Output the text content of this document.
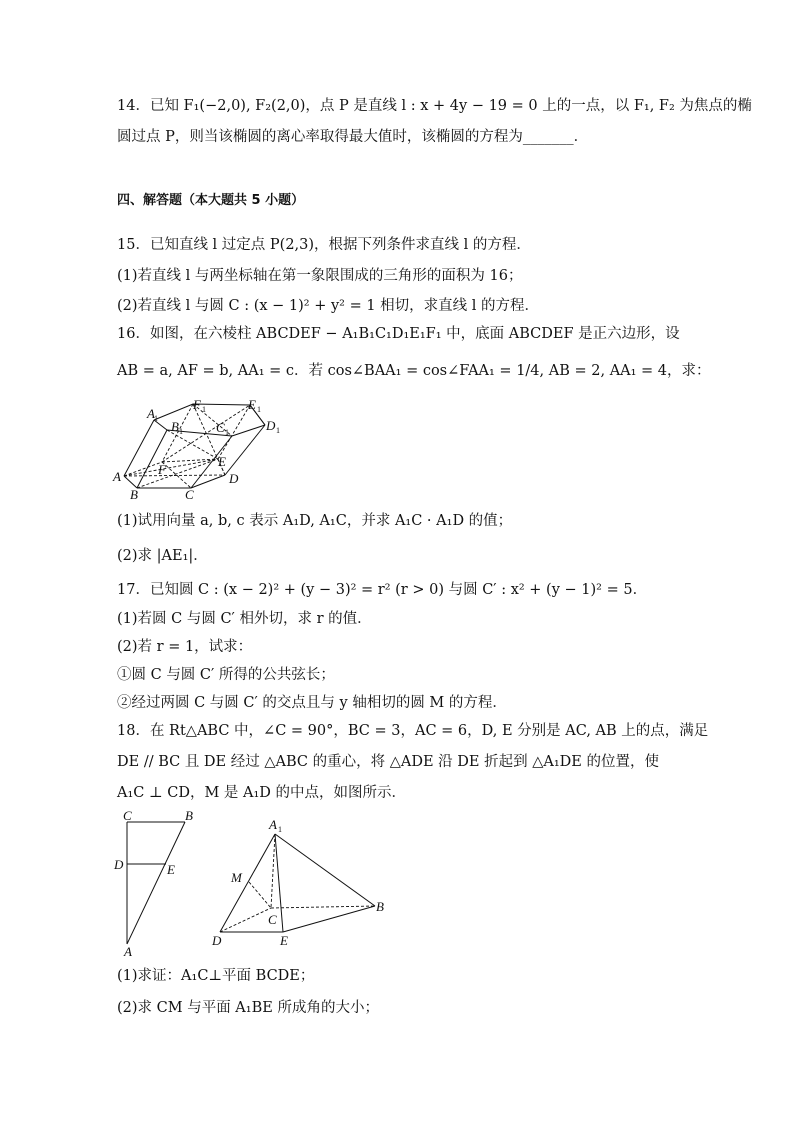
14．已知 F₁(−2,0), F₂(2,0)，点 P 是直线 l : x + 4y − 19 = 0 上的一点，以 F₁, F₂ 为焦点的椭
圆过点 P，则当该椭圆的离心率取得最大值时，该椭圆的方程为_______．
四、解答题（本大题共 5 小题）
15．已知直线 l 过定点 P(2,3)，根据下列条件求直线 l 的方程．
(1)若直线 l 与两坐标轴在第一象限围成的三角形的面积为 16；
(2)若直线 l 与圆 C : (x − 1)² + y² = 1 相切，求直线 l 的方程．
16．如图，在六棱柱 ABCDEF − A₁B₁C₁D₁E₁F₁ 中，底面 ABCDEF 是正六边形，设
AB = a, AF = b, AA₁ = c．若 cos∠BAA₁ = cos∠FAA₁ = 1/4, AB = 2, AA₁ = 4，求：
A 1
B 1	C 1	D 1
E 1
F 1
A
B	C
D
E
F
(1)试用向量 a, b, c 表示 A₁D, A₁C，并求 A₁C · A₁D 的值；
(2)求 |AE₁|．
17．已知圆 C : (x − 2)² + (y − 3)² = r² (r > 0) 与圆 C′ : x² + (y − 1)² = 5．
(1)若圆 C 与圆 C′ 相外切，求 r 的值．
(2)若 r = 1，试求：
①圆 C 与圆 C′ 所得的公共弦长；
②经过两圆 C 与圆 C′ 的交点且与 y 轴相切的圆 M 的方程．
18．在 Rt△ABC 中，∠C = 90°，BC = 3，AC = 6，D, E 分别是 AC, AB 上的点，满足
DE // BC 且 DE 经过 △ABC 的重心，将 △ADE 沿 DE 折起到 △A₁DE 的位置，使
A₁C ⊥ CD，M 是 A₁D 的中点，如图所示．
C	B
D	E
A
A 1
M
C
B
D	E
(1)求证：A₁C⊥平面 BCDE；
(2)求 CM 与平面 A₁BE 所成角的大小；
